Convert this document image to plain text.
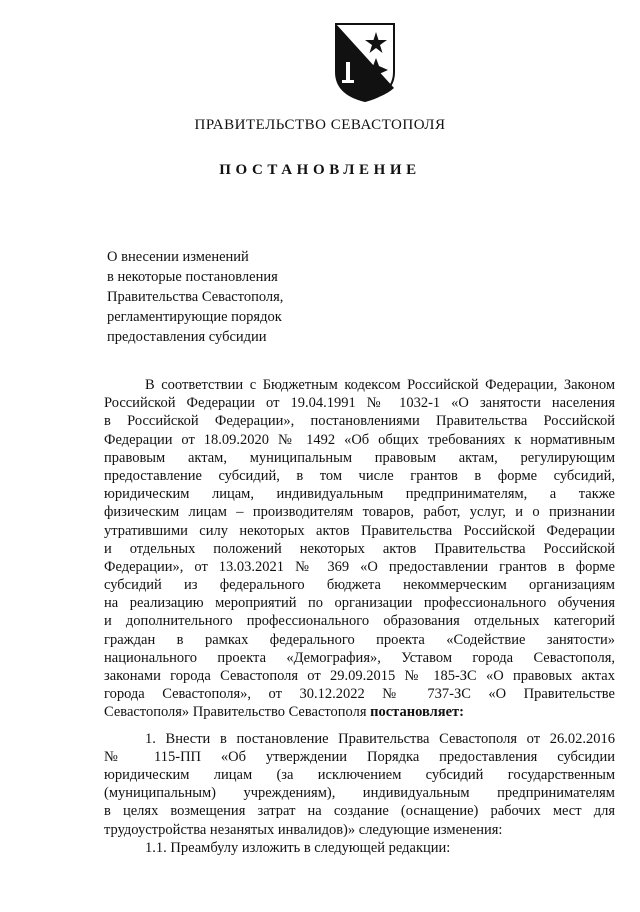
ПРАВИТЕЛЬСТВО СЕВАСТОПОЛЯ
ПОСТАНОВЛЕНИЕ
О внесении изменений
в некоторые постановления
Правительства Севастополя,
регламентирующие порядок
предоставления субсидии
В соответствии с Бюджетным кодексом Российской Федерации, Законом
Российской Федерации от 19.04.1991 № 1032-1 «О занятости населения
в Российской Федерации», постановлениями Правительства Российской
Федерации от 18.09.2020 № 1492 «Об общих требованиях к нормативным
правовым актам, муниципальным правовым актам, регулирующим
предоставление субсидий, в том числе грантов в форме субсидий,
юридическим лицам, индивидуальным предпринимателям, а также
физическим лицам – производителям товаров, работ, услуг, и о признании
утратившими силу некоторых актов Правительства Российской Федерации
и отдельных положений некоторых актов Правительства Российской
Федерации», от 13.03.2021 № 369 «О предоставлении грантов в форме
субсидий из федерального бюджета некоммерческим организациям
на реализацию мероприятий по организации профессионального обучения
и дополнительного профессионального образования отдельных категорий
граждан в рамках федерального проекта «Содействие занятости»
национального проекта «Демография», Уставом города Севастополя,
законами города Севастополя от 29.09.2015 № 185-ЗС «О правовых актах
города Севастополя», от 30.12.2022 № 737-ЗС «О Правительстве
Севастополя» Правительство Севастополя постановляет:
1. Внести в постановление Правительства Севастополя от 26.02.2016
№ 115-ПП «Об утверждении Порядка предоставления субсидии
юридическим лицам (за исключением субсидий государственным
(муниципальным) учреждениям), индивидуальным предпринимателям
в целях возмещения затрат на создание (оснащение) рабочих мест для
трудоустройства незанятых инвалидов)» следующие изменения:
1.1. Преамбулу изложить в следующей редакции:
